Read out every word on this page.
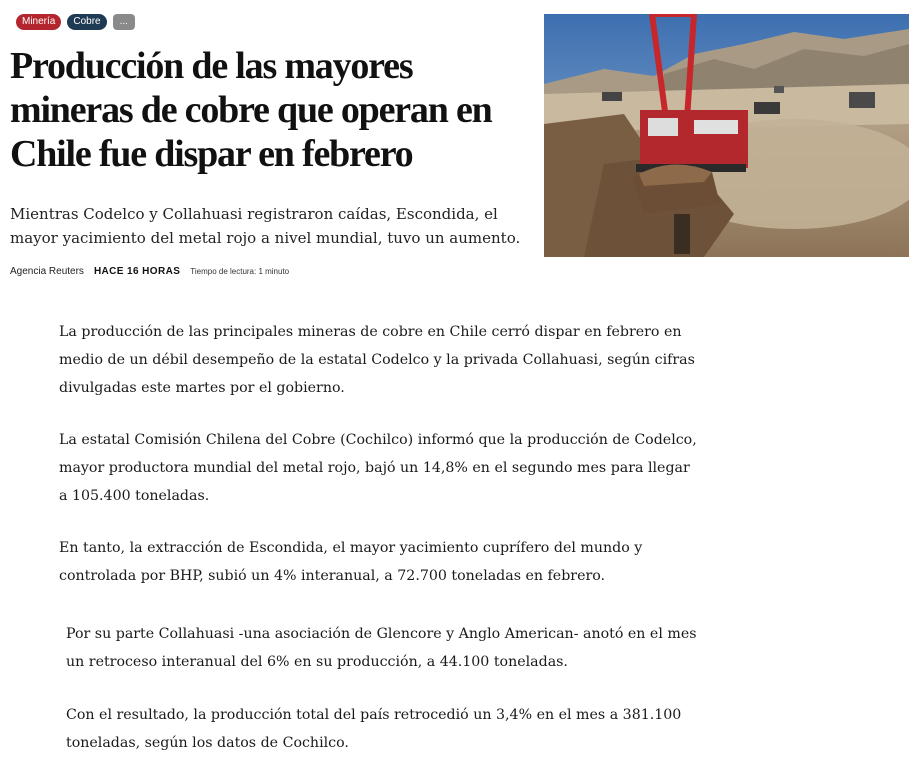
Minería	Cobre	...
Producción de las mayores mineras de cobre que operan en Chile fue dispar en febrero

Mientras Codelco y Collahuasi registraron caídas, Escondida, el mayor yacimiento del metal rojo a nivel mundial, tuvo un aumento.

Agencia Reuters HACE 16 HORAS Tiempo de lectura: 1 minuto

La producción de las principales mineras de cobre en Chile cerró dispar en febrero en medio de un débil desempeño de la estatal Codelco y la privada Collahuasi, según cifras divulgadas este martes por el gobierno.

La estatal Comisión Chilena del Cobre (Cochilco) informó que la producción de Codelco, mayor productora mundial del metal rojo, bajó un 14,8% en el segundo mes para llegar a 105.400 toneladas.

En tanto, la extracción de Escondida, el mayor yacimiento cuprífero del mundo y controlada por BHP, subió un 4% interanual, a 72.700 toneladas en febrero.

Por su parte Collahuasi -una asociación de Glencore y Anglo American- anotó en el mes un retroceso interanual del 6% en su producción, a 44.100 toneladas.

Con el resultado, la producción total del país retrocedió un 3,4% en el mes a 381.100 toneladas, según los datos de Cochilco.
